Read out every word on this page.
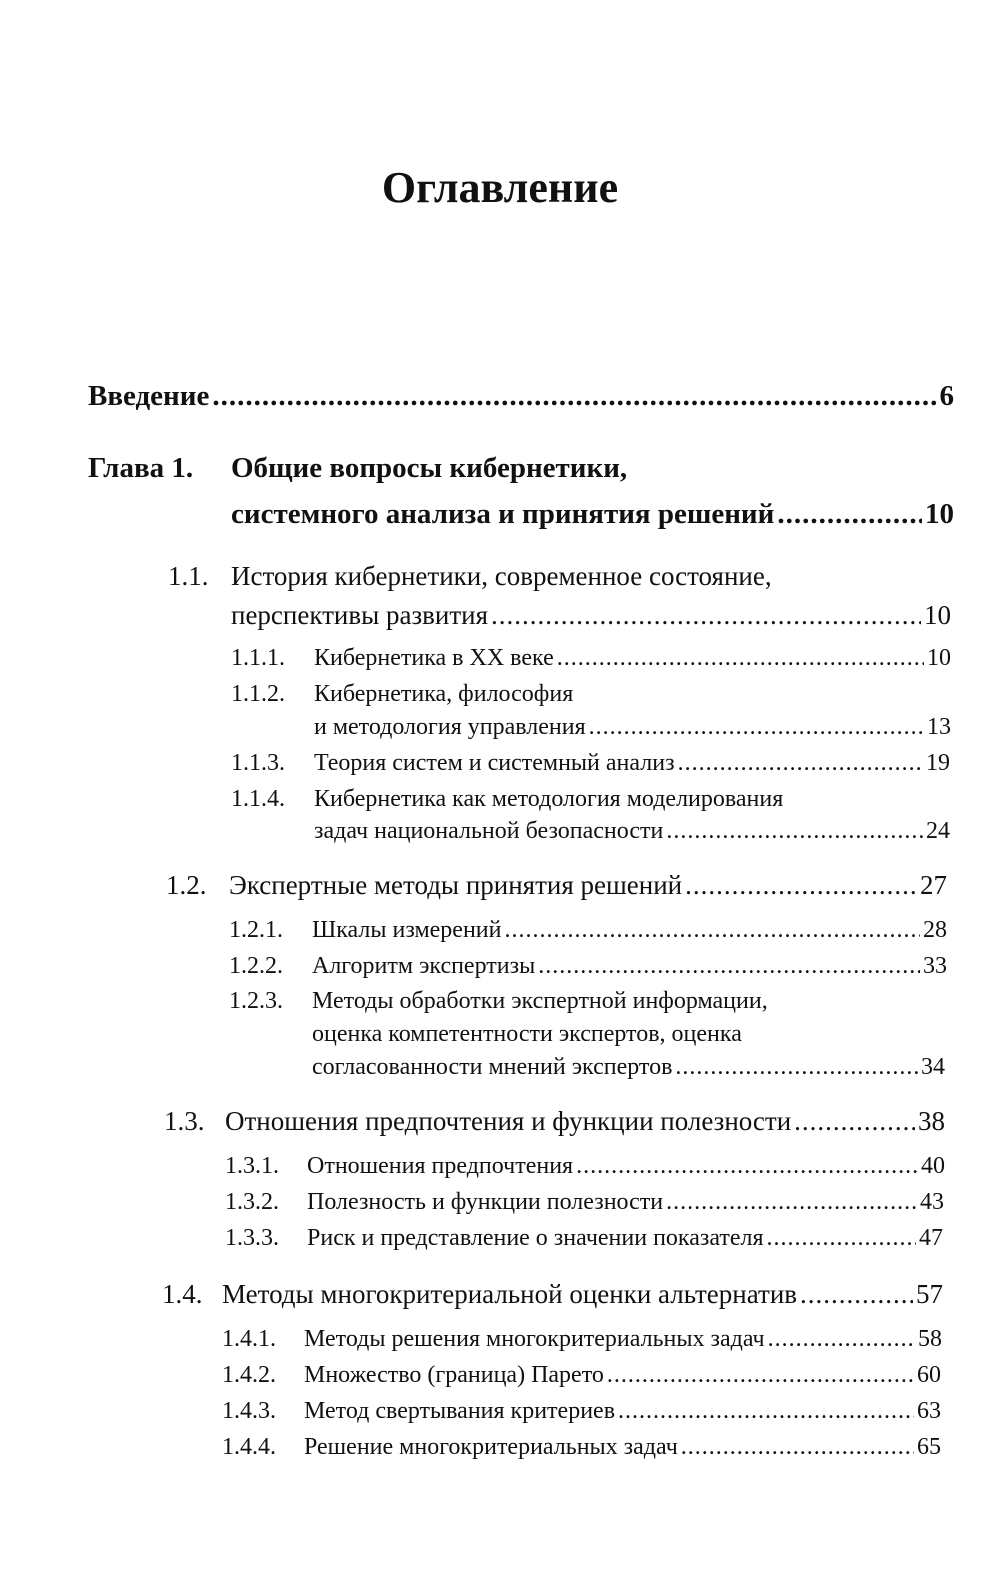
Оглавление
Введение .....	6
Глава 1. Общие вопросы кибернетики,
системного анализа и принятия решений .....	10
1.1. История кибернетики, современное состояние,
перспективы развития .....	10
1.1.1. Кибернетика в XX веке .....	10
1.1.2. Кибернетика, философия
и методология управления .....	13
1.1.3. Теория систем и системный анализ .....	19
1.1.4. Кибернетика как методология моделирования
задач национальной безопасности .....	24
1.2. Экспертные методы принятия решений .....	27
1.2.1. Шкалы измерений .....	28
1.2.2. Алгоритм экспертизы .....	33
1.2.3. Методы обработки экспертной информации,
оценка компетентности экспертов, оценка
согласованности мнений экспертов .....	34
1.3. Отношения предпочтения и функции полезности .....	38
1.3.1. Отношения предпочтения .....	40
1.3.2. Полезность и функции полезности .....	43
1.3.3. Риск и представление о значении показателя .....	47
1.4. Методы многокритериальной оценки альтернатив .....	57
1.4.1. Методы решения многокритериальных задач .....	58
1.4.2. Множество (граница) Парето .....	60
1.4.3. Метод свертывания критериев .....	63
1.4.4. Решение многокритериальных задач .....	65
